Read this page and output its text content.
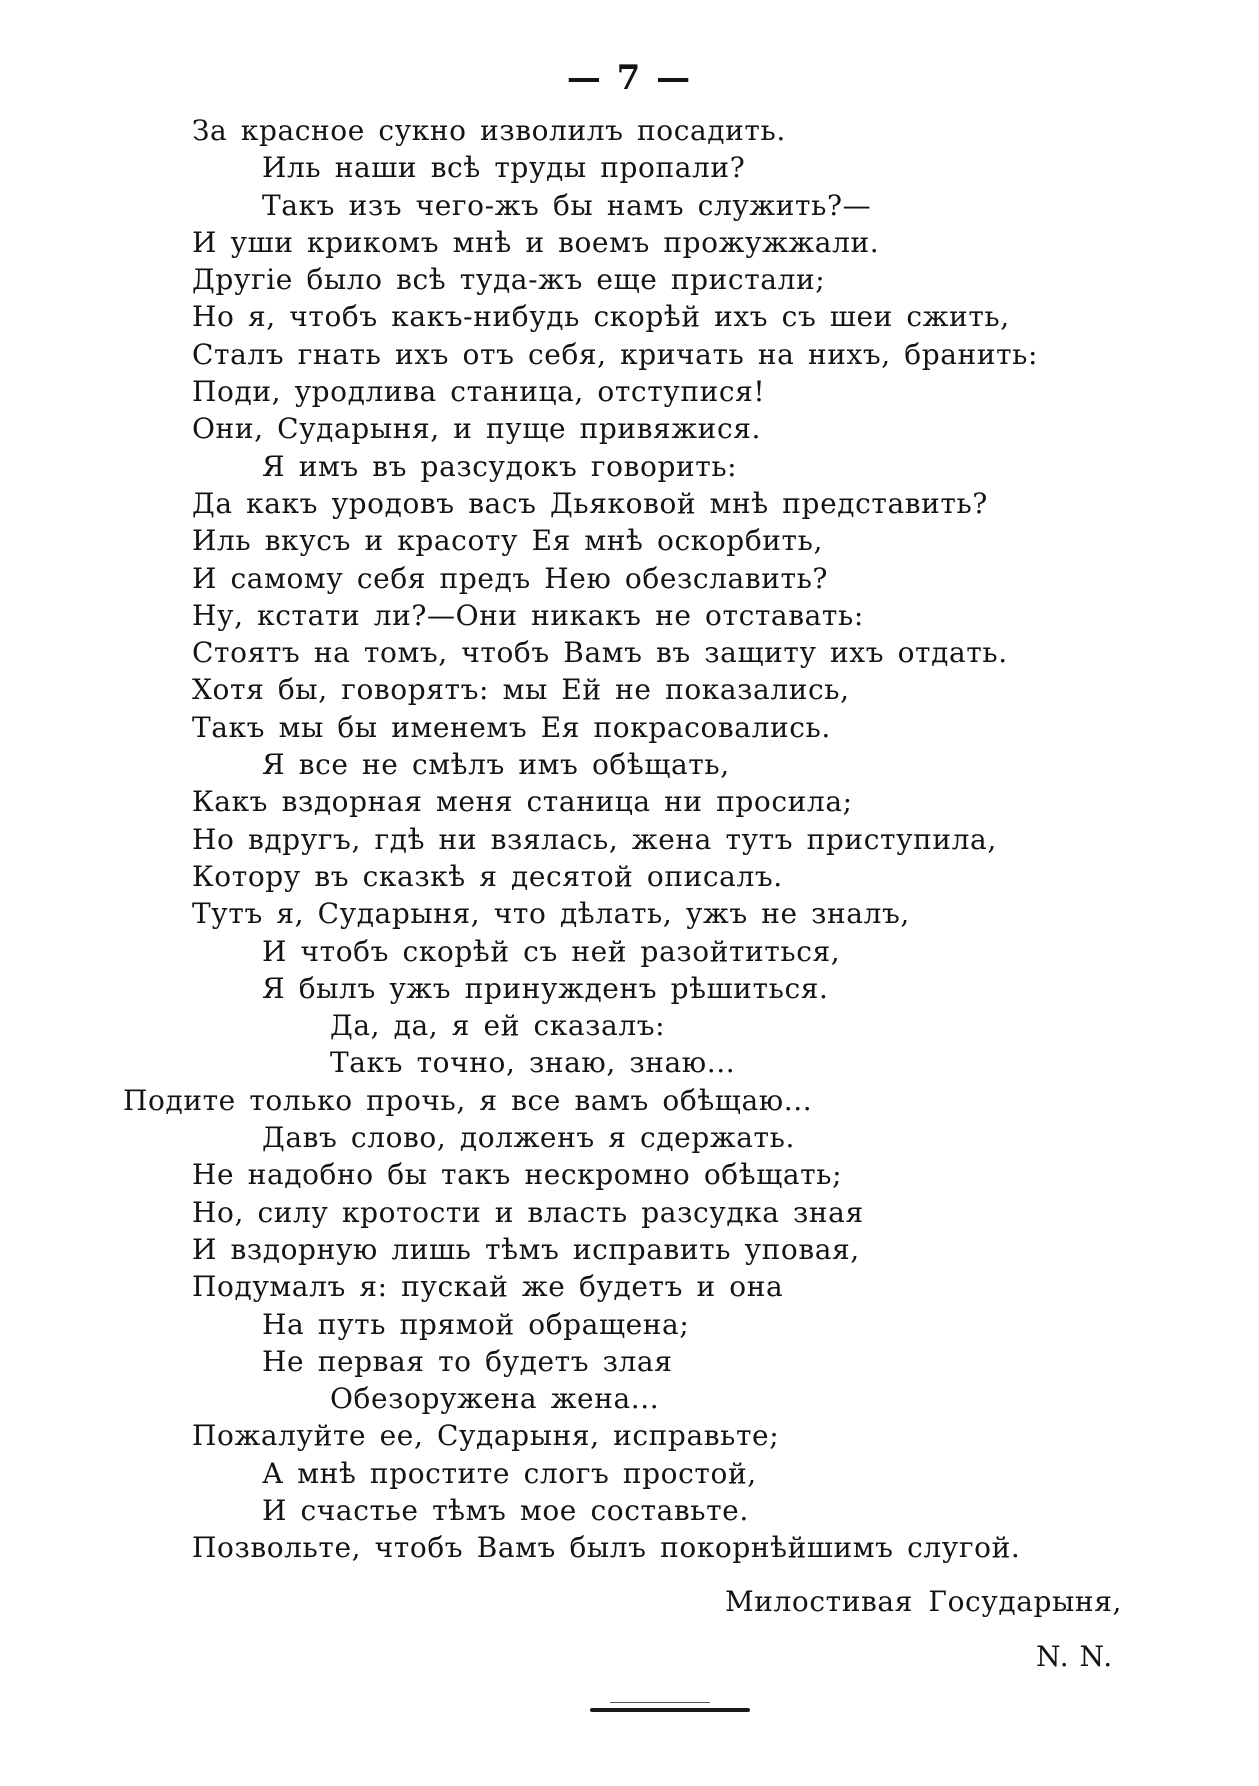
— 7 —
За красное сукно изволилъ посадить.
Иль наши всѣ труды пропали?
Такъ изъ чего-жъ бы намъ служить?—
И уши крикомъ мнѣ и воемъ прожужжали.
Другіе было всѣ туда-жъ еще пристали;
Но я, чтобъ какъ-нибудь скорѣй ихъ съ шеи сжить,
Сталъ гнать ихъ отъ себя, кричать на нихъ, бранить:
Поди, уродлива станица, отступися!
Они, Сударыня, и пуще привяжися.
Я имъ въ разсудокъ говорить:
Да какъ уродовъ васъ Дьяковой мнѣ представить?
Иль вкусъ и красоту Ея мнѣ оскорбить,
И самому себя предъ Нею обезславить?
Ну, кстати ли?—Они никакъ не отставать:
Стоятъ на томъ, чтобъ Вамъ въ защиту ихъ отдать.
Хотя бы, говорятъ: мы Ей не показались,
Такъ мы бы именемъ Ея покрасовались.
Я все не смѣлъ имъ обѣщать,
Какъ вздорная меня станица ни просила;
Но вдругъ, гдѣ ни взялась, жена тутъ приступила,
Котору въ сказкѣ я десятой описалъ.
Тутъ я, Сударыня, что дѣлать, ужъ не зналъ,
И чтобъ скорѣй съ ней разойтиться,
Я былъ ужъ принужденъ рѣшиться.
Да, да, я ей сказалъ:
Такъ точно, знаю, знаю...
Подите только прочь, я все вамъ обѣщаю...
Давъ слово, долженъ я сдержать.
Не надобно бы такъ нескромно обѣщать;
Но, силу кротости и власть разсудка зная
И вздорную лишь тѣмъ исправить уповая,
Подумалъ я: пускай же будетъ и она
На путь прямой обращена;
Не первая то будетъ злая
Обезоружена жена...
Пожалуйте ее, Сударыня, исправьте;
А мнѣ простите слогъ простой,
И счастье тѣмъ мое составьте.
Позвольте, чтобъ Вамъ былъ покорнѣйшимъ слугой.
Милостивая Государыня,
N. N.
